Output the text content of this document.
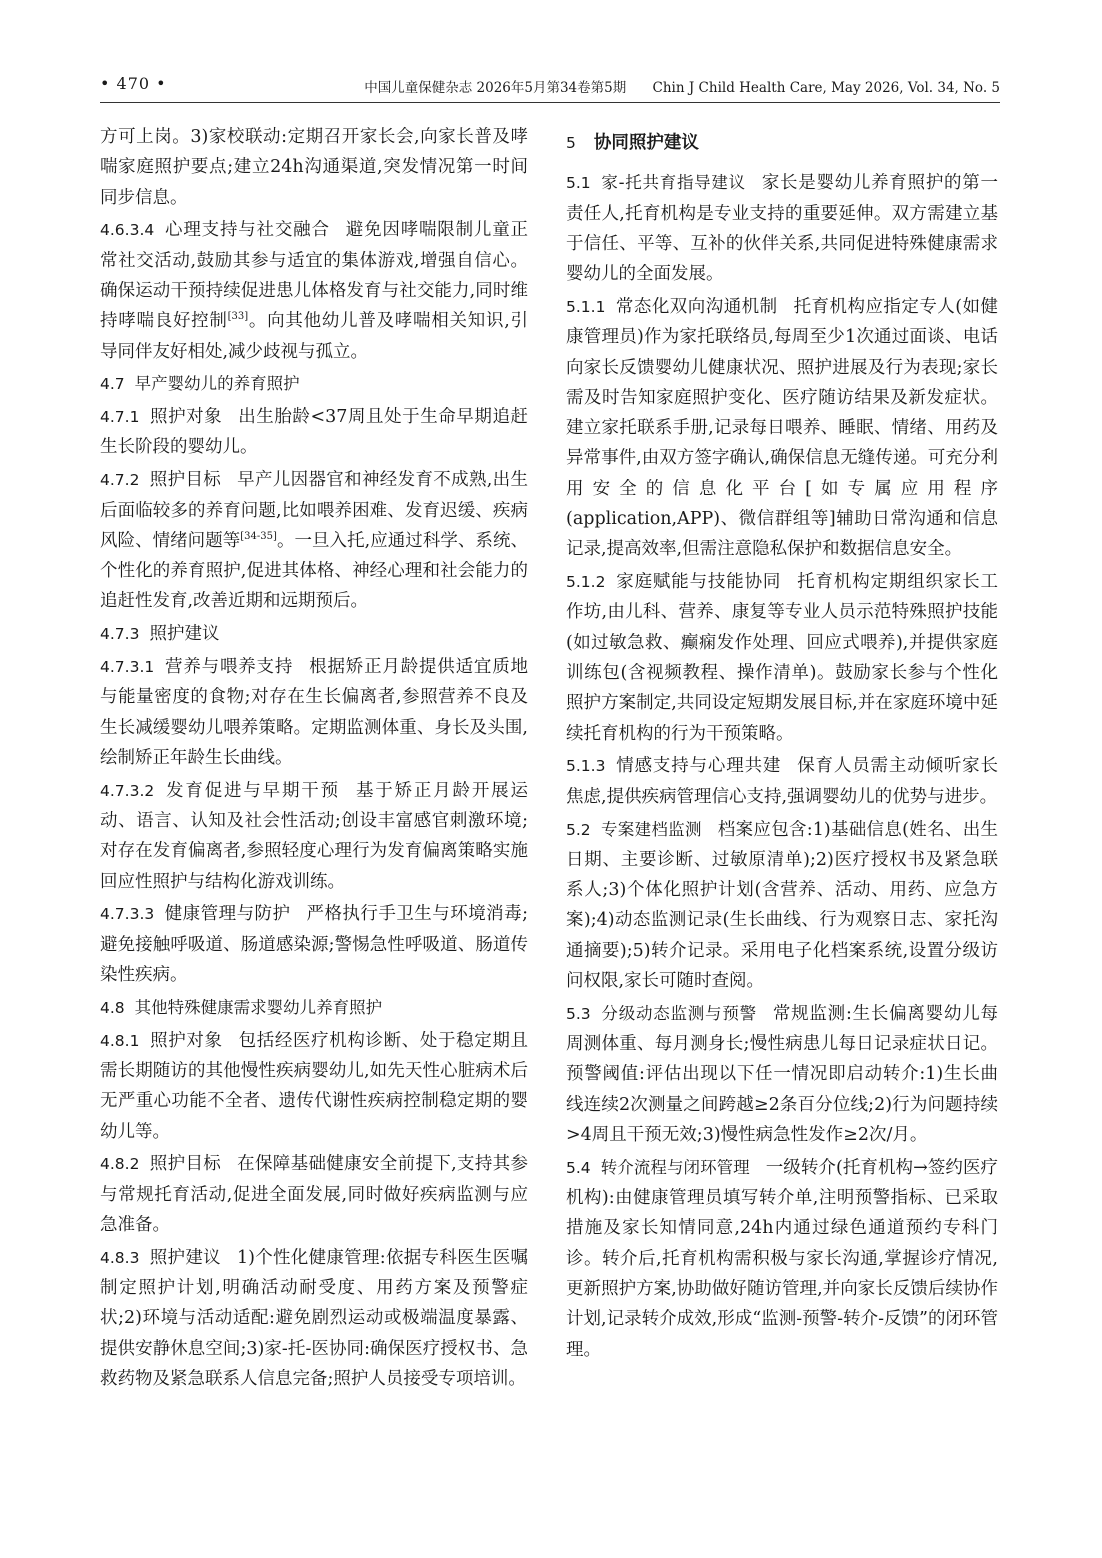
• 470 •	中国儿童保健杂志 2026年5月第34卷第5期 Chin J Child Health Care, May 2026, Vol. 34, No. 5

方可上岗。3)家校联动:定期召开家长会,向家长普及哮喘家庭照护要点;建立24h沟通渠道,突发情况第一时间同步信息。

4.6.3.4 心理支持与社交融合 避免因哮喘限制儿童正常社交活动,鼓励其参与适宜的集体游戏,增强自信心。确保运动干预持续促进患儿体格发育与社交能力,同时维持哮喘良好控制[33]。向其他幼儿普及哮喘相关知识,引导同伴友好相处,减少歧视与孤立。

4.7 早产婴幼儿的养育照护

4.7.1 照护对象 出生胎龄<37周且处于生命早期追赶生长阶段的婴幼儿。

4.7.2 照护目标 早产儿因器官和神经发育不成熟,出生后面临较多的养育问题,比如喂养困难、发育迟缓、疾病风险、情绪问题等[34-35]。一旦入托,应通过科学、系统、个性化的养育照护,促进其体格、神经心理和社会能力的追赶性发育,改善近期和远期预后。

4.7.3 照护建议

4.7.3.1 营养与喂养支持 根据矫正月龄提供适宜质地与能量密度的食物;对存在生长偏离者,参照营养不良及生长减缓婴幼儿喂养策略。定期监测体重、身长及头围,绘制矫正年龄生长曲线。

4.7.3.2 发育促进与早期干预 基于矫正月龄开展运动、语言、认知及社会性活动;创设丰富感官刺激环境;对存在发育偏离者,参照轻度心理行为发育偏离策略实施回应性照护与结构化游戏训练。

4.7.3.3 健康管理与防护 严格执行手卫生与环境消毒;避免接触呼吸道、肠道感染源;警惕急性呼吸道、肠道传染性疾病。

4.8 其他特殊健康需求婴幼儿养育照护

4.8.1 照护对象 包括经医疗机构诊断、处于稳定期且需长期随访的其他慢性疾病婴幼儿,如先天性心脏病术后无严重心功能不全者、遗传代谢性疾病控制稳定期的婴幼儿等。

4.8.2 照护目标 在保障基础健康安全前提下,支持其参与常规托育活动,促进全面发展,同时做好疾病监测与应急准备。

4.8.3 照护建议 1)个性化健康管理:依据专科医生医嘱制定照护计划,明确活动耐受度、用药方案及预警症状;2)环境与活动适配:避免剧烈运动或极端温度暴露、提供安静休息空间;3)家-托-医协同:确保医疗授权书、急救药物及紧急联系人信息完备;照护人员接受专项培训。

5 协同照护建议

5.1 家-托共育指导建议 家长是婴幼儿养育照护的第一责任人,托育机构是专业支持的重要延伸。双方需建立基于信任、平等、互补的伙伴关系,共同促进特殊健康需求婴幼儿的全面发展。

5.1.1 常态化双向沟通机制 托育机构应指定专人(如健康管理员)作为家托联络员,每周至少1次通过面谈、电话向家长反馈婴幼儿健康状况、照护进展及行为表现;家长需及时告知家庭照护变化、医疗随访结果及新发症状。建立家托联系手册,记录每日喂养、睡眠、情绪、用药及异常事件,由双方签字确认,确保信息无缝传递。可充分利用安全的信息化平台[如专属应用程序(application,APP)、微信群组等]辅助日常沟通和信息记录,提高效率,但需注意隐私保护和数据信息安全。

5.1.2 家庭赋能与技能协同 托育机构定期组织家长工作坊,由儿科、营养、康复等专业人员示范特殊照护技能(如过敏急救、癫痫发作处理、回应式喂养),并提供家庭训练包(含视频教程、操作清单)。鼓励家长参与个性化照护方案制定,共同设定短期发展目标,并在家庭环境中延续托育机构的行为干预策略。

5.1.3 情感支持与心理共建 保育人员需主动倾听家长焦虑,提供疾病管理信心支持,强调婴幼儿的优势与进步。

5.2 专案建档监测 档案应包含:1)基础信息(姓名、出生日期、主要诊断、过敏原清单);2)医疗授权书及紧急联系人;3)个体化照护计划(含营养、活动、用药、应急方案);4)动态监测记录(生长曲线、行为观察日志、家托沟通摘要);5)转介记录。采用电子化档案系统,设置分级访问权限,家长可随时查阅。

5.3 分级动态监测与预警 常规监测:生长偏离婴幼儿每周测体重、每月测身长;慢性病患儿每日记录症状日记。预警阈值:评估出现以下任一情况即启动转介:1)生长曲线连续2次测量之间跨越≥2条百分位线;2)行为问题持续>4周且干预无效;3)慢性病急性发作≥2次/月。

5.4 转介流程与闭环管理 一级转介(托育机构→签约医疗机构):由健康管理员填写转介单,注明预警指标、已采取措施及家长知情同意,24h内通过绿色通道预约专科门诊。转介后,托育机构需积极与家长沟通,掌握诊疗情况,更新照护方案,协助做好随访管理,并向家长反馈后续协作计划,记录转介成效,形成“监测-预警-转介-反馈”的闭环管理。
